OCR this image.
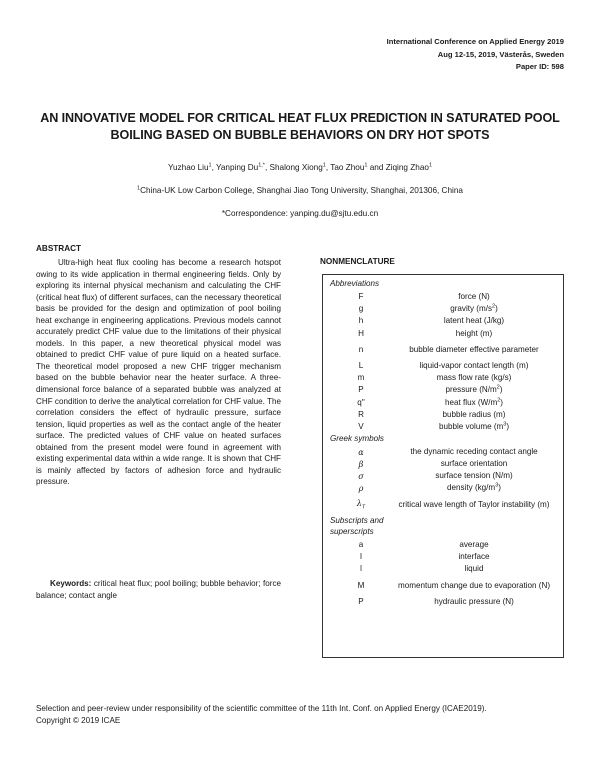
International Conference on Applied Energy 2019
Aug 12-15, 2019, Västerås, Sweden
Paper ID: 598
AN INNOVATIVE MODEL FOR CRITICAL HEAT FLUX PREDICTION IN SATURATED POOL BOILING BASED ON BUBBLE BEHAVIORS ON DRY HOT SPOTS
Yuzhao Liu$^1$, Yanping $Du^{1,*}$, Shalong Xiong$^1$, Tao Zhou$^1$ and Ziqing Zhao$^1$
$^1$China-UK Low Carbon College, Shanghai Jiao Tong University, Shanghai, 201306, China
*Correspondence: yanping.du@sjtu.edu.cn
ABSTRACT

Ultra-high heat flux cooling has become a research hotspot owing to its wide application in thermal engineering fields. Only by exploring its internal physical mechanism and calculating the CHF (critical heat flux) of different surfaces, can the necessary theoretical basis be provided for the design and optimization of pool boiling heat exchange in engineering applications. Previous models cannot accurately predict CHF value due to the limitations of their physical models. In this paper, a new theoretical physical model was obtained to predict CHF value of pure liquid on a heated surface. The theoretical model proposed a new CHF trigger mechanism based on the bubble behavior near the heater surface. A three-dimensional force balance of a separated bubble was analyzed at CHF condition to derive the analytical correlation for CHF value. The correlation considers the effect of hydraulic pressure, surface tension, liquid properties as well as the contact angle of the heater surface. The predicted values of CHF value on heated surfaces obtained from the present model were found in agreement with existing experimental data within a wide range. It is shown that CHF is mainly affected by factors of adhesion force and hydraulic pressure.

Keywords: critical heat flux; pool boiling; bubble behavior; force balance; contact angle

NONMENCLATURE
Abbreviations	
F	force (N)
g	gravity $(m/s^2)$
h	latent heat (J/kg)
H	height (m)
n	bubble diameter effective parameter
L	liquid-vapor contact length (m)
m	mass flow rate (kg/s)
P	pressure $(N/m^2)$
q''	heat flux $(W/m^2)$
R	bubble radius (m)
V	bubble volume $(m^3)$
Greek symbols	
α	the dynamic receding contact angle
β	surface orientation
σ	surface tension (N/m)
ρ	density $(kg/m^3)$
$\lambda_T$	critical wave length of Taylor instability (m)
Subscripts and
superscripts	
a	average
I	interface
l	liquid
M	momentum change due to evaporation (N)
P	hydraulic pressure (N)
Selection and peer-review under responsibility of the scientific committee of the 11th Int. Conf. on Applied Energy (ICAE2019).
Copyright © 2019 ICAE
